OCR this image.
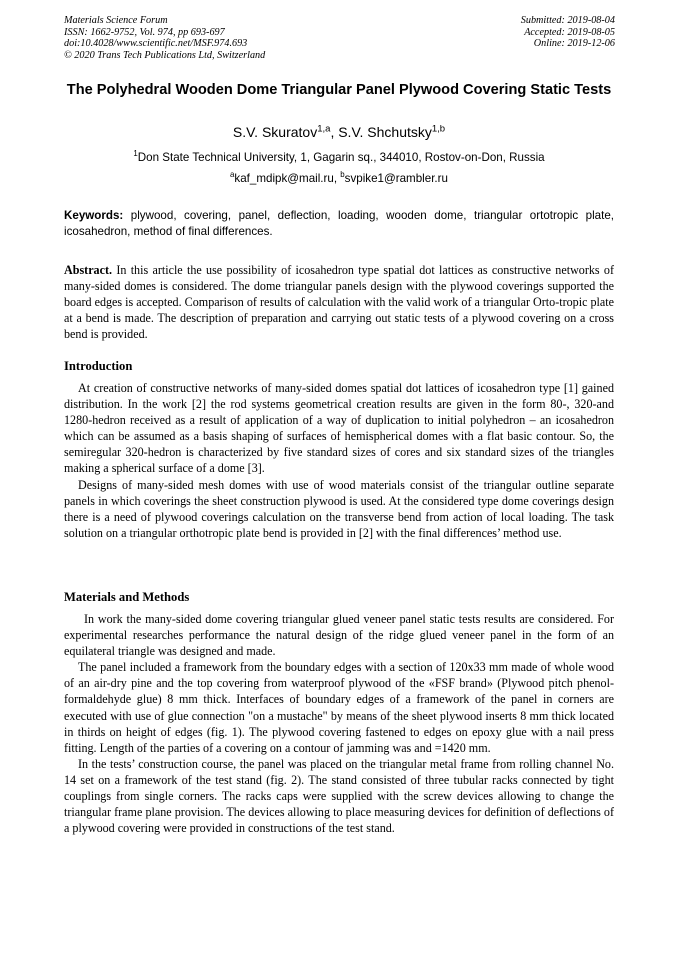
Materials Science Forum
ISSN: 1662-9752, Vol. 974, pp 693-697
doi:10.4028/www.scientific.net/MSF.974.693
© 2020 Trans Tech Publications Ltd, Switzerland
Submitted: 2019-08-04
Accepted: 2019-08-05
Online: 2019-12-06
The Polyhedral Wooden Dome Triangular Panel Plywood Covering Static Tests
S.V. Skuratov$^{1,a}$, S.V. Shchutsky$^{1,b}$
$^1$Don State Technical University, 1, Gagarin sq., 344010, Rostov-on-Don, Russia
$^a$kaf_mdipk@mail.ru, $^b$svpike1@rambler.ru
Keywords: plywood, covering, panel, deflection, loading, wooden dome, triangular ortotropic plate, icosahedron, method of final differences.
Abstract. In this article the use possibility of icosahedron type spatial dot lattices as constructive networks of many-sided domes is considered. The dome triangular panels design with the plywood coverings supported the board edges is accepted. Comparison of results of calculation with the valid work of a triangular Orto-tropic plate at a bend is made. The description of preparation and carrying out static tests of a plywood covering on a cross bend is provided.
Introduction

At creation of constructive networks of many-sided domes spatial dot lattices of icosahedron type [1] gained distribution. In the work [2] the rod systems geometrical creation results are given in the form 80-, 320-and 1280-hedron received as a result of application of a way of duplication to initial polyhedron – an icosahedron which can be assumed as a basis shaping of surfaces of hemispherical domes with a flat basic contour. So, the semiregular 320-hedron is characterized by five standard sizes of cores and six standard sizes of the triangles making a spherical surface of a dome [3].

Designs of many-sided mesh domes with use of wood materials consist of the triangular outline separate panels in which coverings the sheet construction plywood is used. At the considered type dome coverings design there is a need of plywood coverings calculation on the transverse bend from action of local loading. The task solution on a triangular orthotropic plate bend is provided in [2] with the final differences’ method use.

Materials and Methods

In work the many-sided dome covering triangular glued veneer panel static tests results are considered. For experimental researches performance the natural design of the ridge glued veneer panel in the form of an equilateral triangle was designed and made.

The panel included a framework from the boundary edges with a section of 120x33 mm made of whole wood of an air-dry pine and the top covering from waterproof plywood of the «FSF brand» (Plywood pitch phenol-formaldehyde glue) 8 mm thick. Interfaces of boundary edges of a framework of the panel in corners are executed with use of glue connection "on a mustache" by means of the sheet plywood inserts 8 mm thick located in thirds on height of edges (fig. 1). The plywood covering fastened to edges on epoxy glue with a nail press fitting. Length of the parties of a covering on a contour of jamming was and =1420 mm.

In the tests’ construction course, the panel was placed on the triangular metal frame from rolling channel No. 14 set on a framework of the test stand (fig. 2). The stand consisted of three tubular racks connected by tight couplings from single corners. The racks caps were supplied with the screw devices allowing to change the triangular frame plane provision. The devices allowing to place measuring devices for definition of deflections of a plywood covering were provided in constructions of the test stand.
